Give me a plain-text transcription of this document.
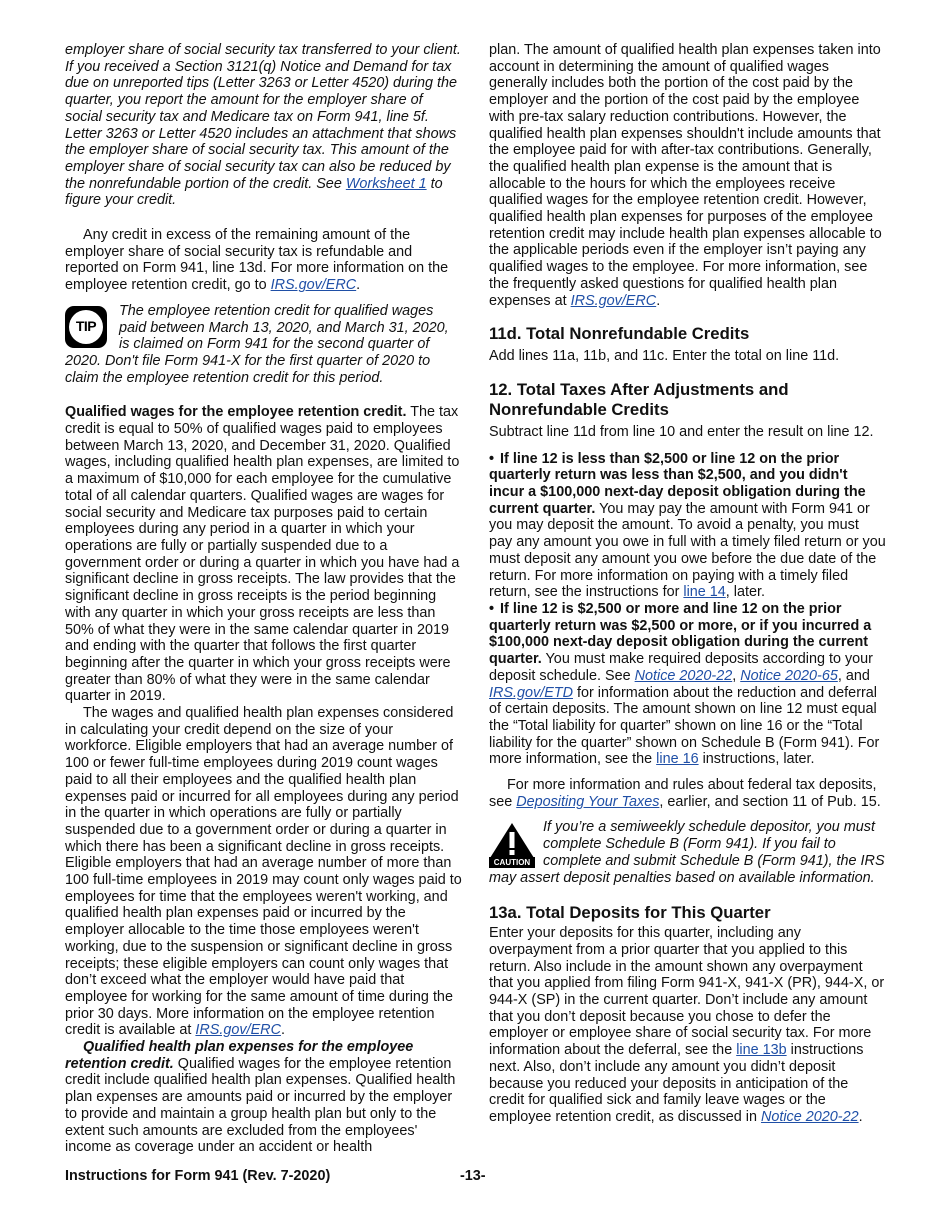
employer share of social security tax transferred to your client. If you received a Section 3121(q) Notice and Demand for tax due on unreported tips (Letter 3263 or Letter 4520) during the quarter, you report the amount for the employer share of social security tax and Medicare tax on Form 941, line 5f. Letter 3263 or Letter 4520 includes an attachment that shows the employer share of social security tax. This amount of the employer share of social security tax can also be reduced by the nonrefundable portion of the credit. See Worksheet 1 to figure your credit.

Any credit in excess of the remaining amount of the employer share of social security tax is refundable and reported on Form 941, line 13d. For more information on the employee retention credit, go to IRS.gov/ERC.

TIP

The employee retention credit for qualified wages paid between March 13, 2020, and March 31, 2020, is claimed on Form 941 for the second quarter of 2020. Don't file Form 941-X for the first quarter of 2020 to claim the employee retention credit for this period.

Qualified wages for the employee retention credit. The tax credit is equal to 50% of qualified wages paid to employees between March 13, 2020, and December 31, 2020. Qualified wages, including qualified health plan expenses, are limited to a maximum of $10,000 for each employee for the cumulative total of all calendar quarters. Qualified wages are wages for social security and Medicare tax purposes paid to certain employees during any period in a quarter in which your operations are fully or partially suspended due to a government order or during a quarter in which you have had a significant decline in gross receipts. The law provides that the significant decline in gross receipts is the period beginning with any quarter in which your gross receipts are less than 50% of what they were in the same calendar quarter in 2019 and ending with the quarter that follows the first quarter beginning after the quarter in which your gross receipts were greater than 80% of what they were in the same calendar quarter in 2019.

The wages and qualified health plan expenses considered in calculating your credit depend on the size of your workforce. Eligible employers that had an average number of 100 or fewer full-time employees during 2019 count wages paid to all their employees and the qualified health plan expenses paid or incurred for all employees during any period in the quarter in which operations are fully or partially suspended due to a government order or during a quarter in which there has been a significant decline in gross receipts. Eligible employers that had an average number of more than 100 full-time employees in 2019 may count only wages paid to employees for time that the employees weren't working, and qualified health plan expenses paid or incurred by the employer allocable to the time those employees weren't working, due to the suspension or significant decline in gross receipts; these eligible employers can count only wages that don’t exceed what the employer would have paid that employee for working for the same amount of time during the prior 30 days. More information on the employee retention credit is available at IRS.gov/ERC.

Qualified health plan expenses for the employee retention credit. Qualified wages for the employee retention credit include qualified health plan expenses. Qualified health plan expenses are amounts paid or incurred by the employer to provide and maintain a group health plan but only to the extent such amounts are excluded from the employees' income as coverage under an accident or health

plan. The amount of qualified health plan expenses taken into account in determining the amount of qualified wages generally includes both the portion of the cost paid by the employer and the portion of the cost paid by the employee with pre-tax salary reduction contributions. However, the qualified health plan expenses shouldn't include amounts that the employee paid for with after-tax contributions. Generally, the qualified health plan expense is the amount that is allocable to the hours for which the employees receive qualified wages for the employee retention credit. However, qualified health plan expenses for purposes of the employee retention credit may include health plan expenses allocable to the applicable periods even if the employer isn’t paying any qualified wages to the employee. For more information, see the frequently asked questions for qualified health plan expenses at IRS.gov/ERC.

11d. Total Nonrefundable Credits

Add lines 11a, 11b, and 11c. Enter the total on line 11d.

12. Total Taxes After Adjustments and Nonrefundable Credits

Subtract line 11d from line 10 and enter the result on line 12.

• If line 12 is less than $2,500 or line 12 on the prior quarterly return was less than $2,500, and you didn't incur a $100,000 next-day deposit obligation during the current quarter. You may pay the amount with Form 941 or you may deposit the amount. To avoid a penalty, you must pay any amount you owe in full with a timely filed return or you must deposit any amount you owe before the due date of the return. For more information on paying with a timely filed return, see the instructions for line 14, later.

• If line 12 is $2,500 or more and line 12 on the prior quarterly return was $2,500 or more, or if you incurred a $100,000 next-day deposit obligation during the current quarter. You must make required deposits according to your deposit schedule. See Notice 2020-22, Notice 2020-65, and IRS.gov/ETD for information about the reduction and deferral of certain deposits. The amount shown on line 12 must equal the “Total liability for quarter” shown on line 16 or the “Total liability for the quarter” shown on Schedule B (Form 941). For more information, see the line 16 instructions, later.

For more information and rules about federal tax deposits, see Depositing Your Taxes, earlier, and section 11 of Pub. 15.

CAUTION

If you’re a semiweekly schedule depositor, you must complete Schedule B (Form 941). If you fail to complete and submit Schedule B (Form 941), the IRS may assert deposit penalties based on available information.

13a. Total Deposits for This Quarter

Enter your deposits for this quarter, including any overpayment from a prior quarter that you applied to this return. Also include in the amount shown any overpayment that you applied from filing Form 941-X, 941-X (PR), 944-X, or 944-X (SP) in the current quarter. Don’t include any amount that you don’t deposit because you chose to defer the employer or employee share of social security tax. For more information about the deferral, see the line 13b instructions next. Also, don’t include any amount you didn’t deposit because you reduced your deposits in anticipation of the credit for qualified sick and family leave wages or the employee retention credit, as discussed in Notice 2020-22.

Instructions for Form 941 (Rev. 7-2020)	-13-
